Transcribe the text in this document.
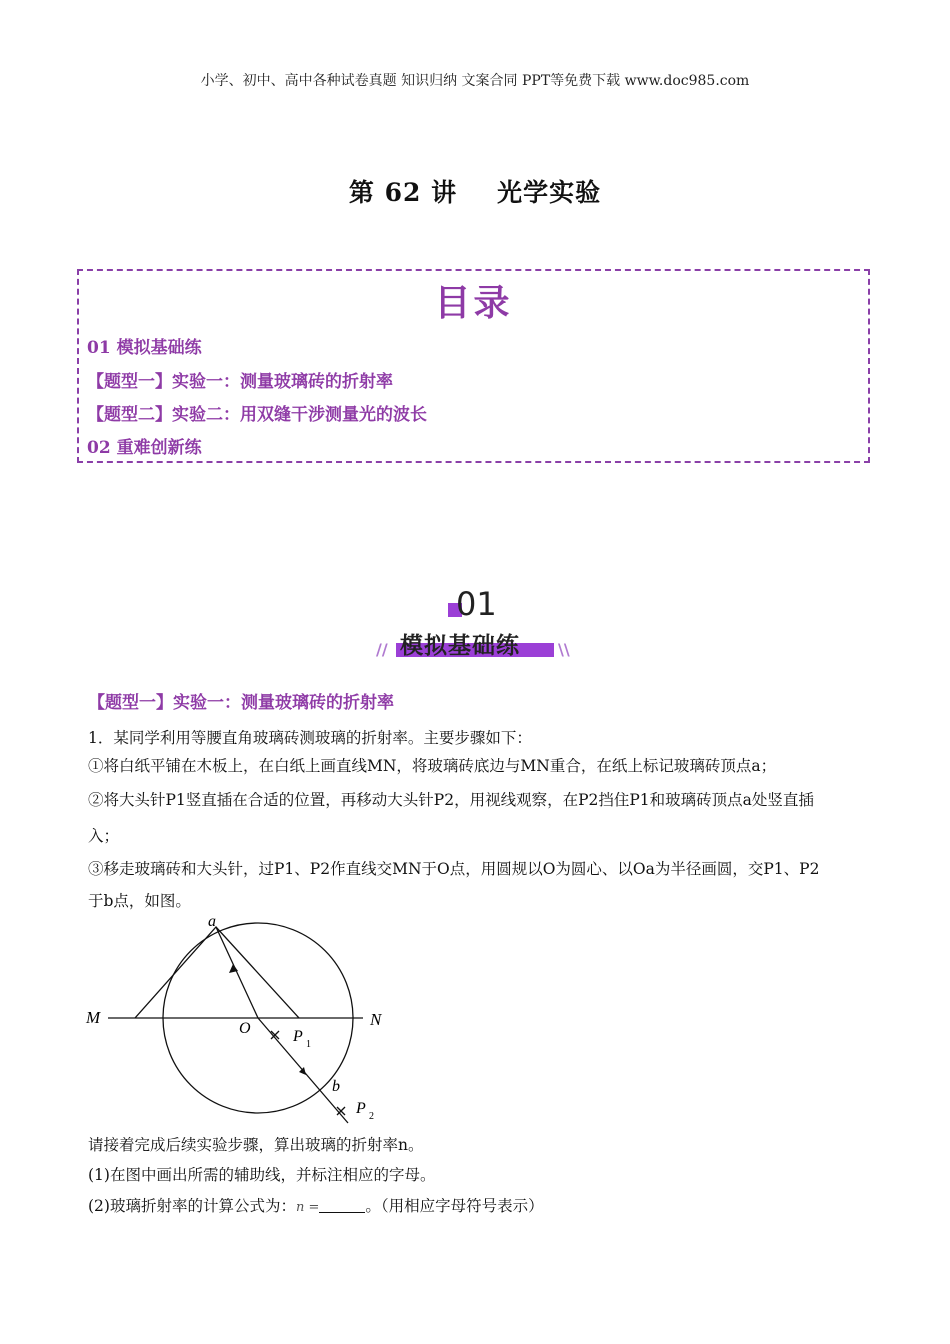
小学、初中、高中各种试卷真题 知识归纳 文案合同 PPT等免费下载 www.doc985.com
第 62 讲 光学实验
目录
01 模拟基础练
【题型一】实验一：测量玻璃砖的折射率
【题型二】实验二：用双缝干涉测量光的波长
02 重难创新练
01
模拟基础练
//	\\
【题型一】实验一：测量玻璃砖的折射率
1．某同学利用等腰直角玻璃砖测玻璃的折射率。主要步骤如下：
①将白纸平铺在木板上，在白纸上画直线MN，将玻璃砖底边与MN重合，在纸上标记玻璃砖顶点a；
②将大头针P1竖直插在合适的位置，再移动大头针P2，用视线观察，在P2挡住P1和玻璃砖顶点a处竖直插
入；
③移走玻璃砖和大头针，过P1、P2作直线交MN于O点，用圆规以O为圆心、以Oa为半径画圆，交P1、P2
于b点，如图。
a
M	N
O	P 1
b
P 2
请接着完成后续实验步骤，算出玻璃的折射率n。
(1)在图中画出所需的辅助线，并标注相应的字母。
(2)玻璃折射率的计算公式为：n =	。（用相应字母符号表示）
